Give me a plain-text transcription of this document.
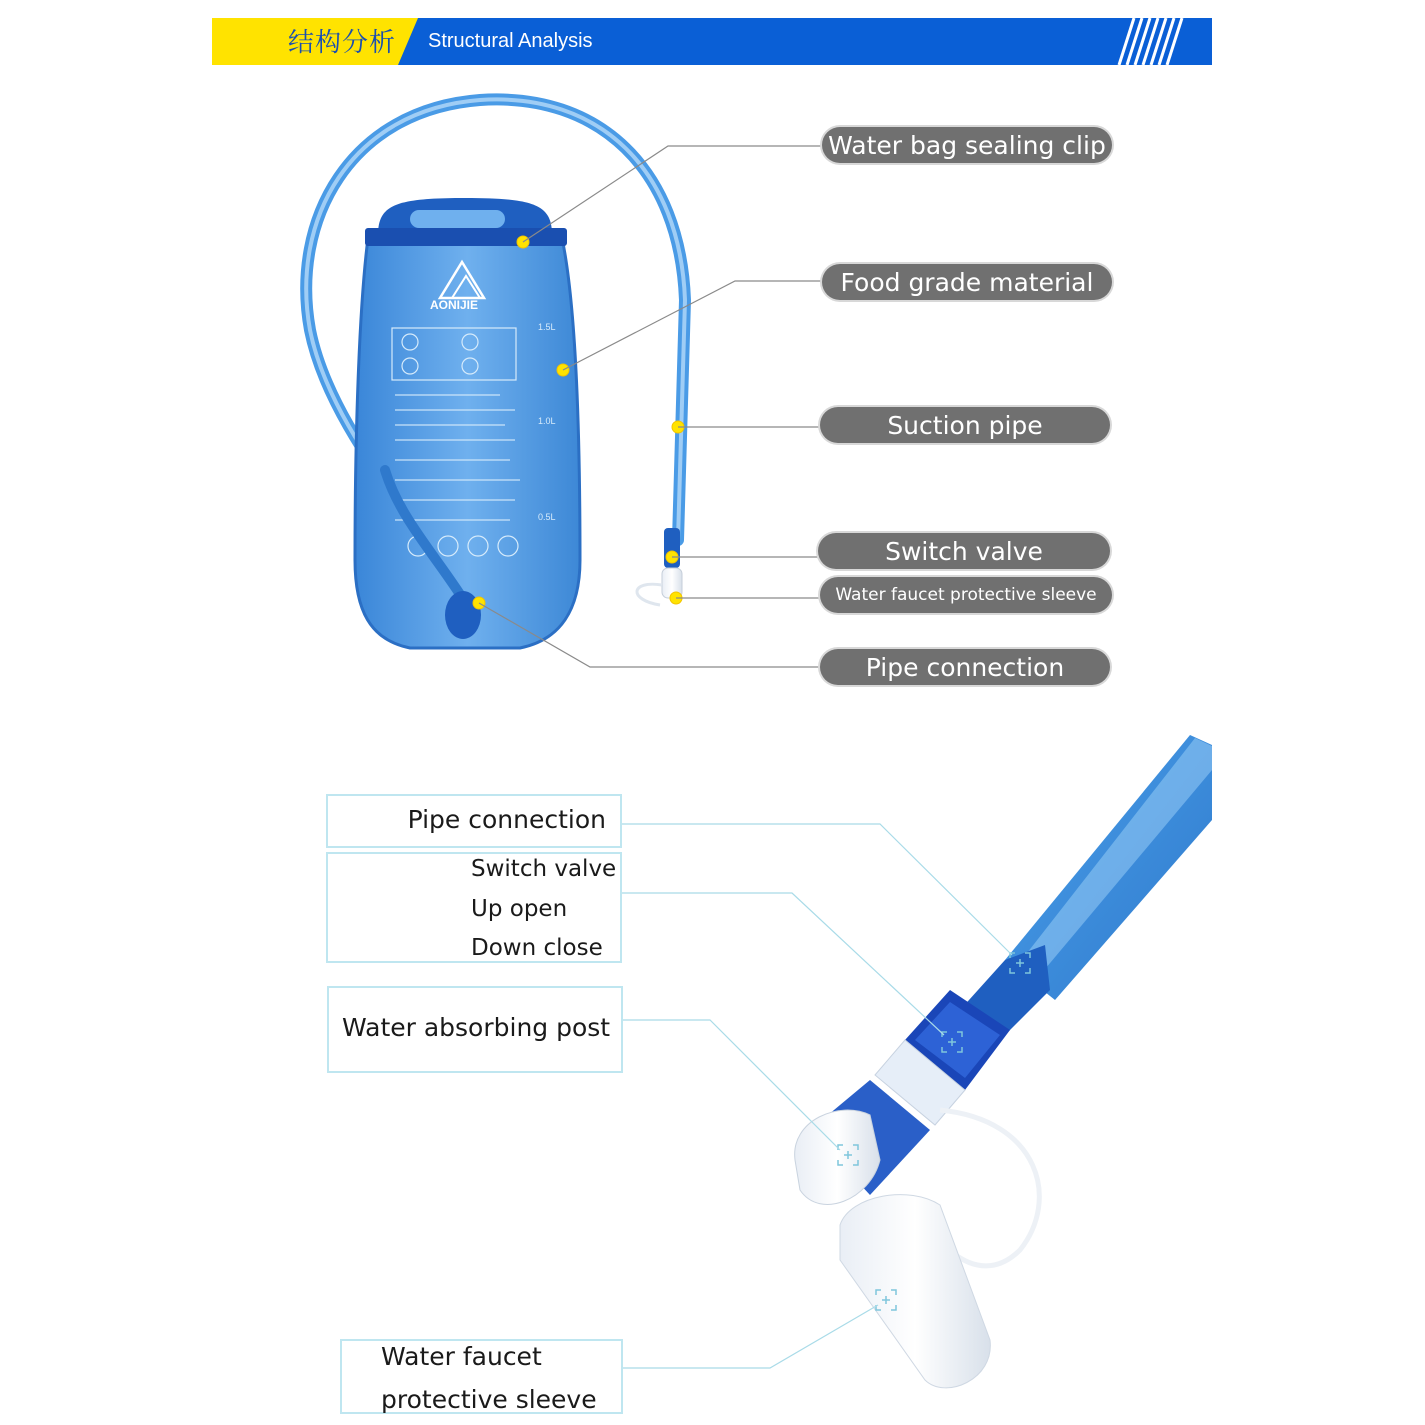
结构分析 Structural Analysis
AONIJIE
1.5L
1.0L
0.5L
Water bag sealing clip
Food grade material
Suction pipe
Switch valve
Water faucet protective sleeve
Pipe connection
Pipe connection
Switch valve
Up open
Down close
Water absorbing post
Water faucet
protective sleeve
